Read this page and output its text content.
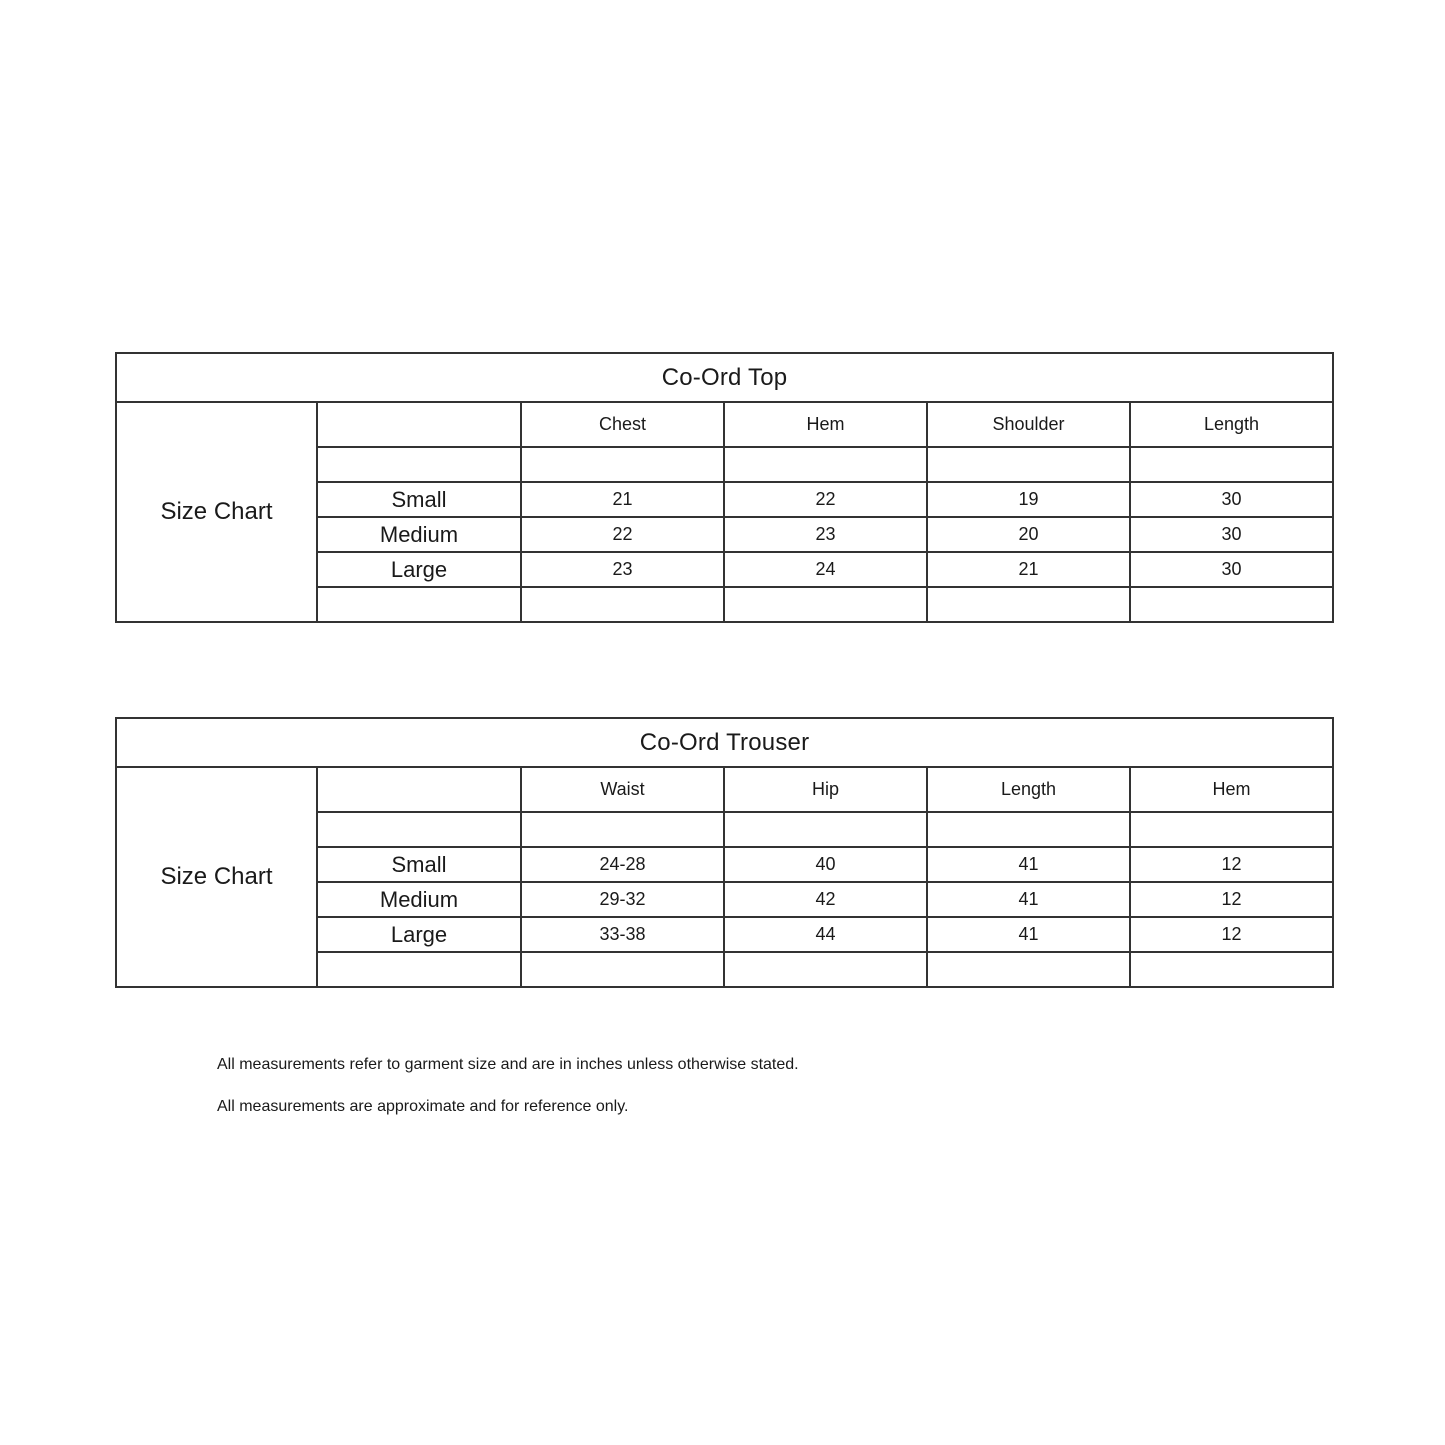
Co-Ord Top					
Size Chart		Chest	Hem	Shoulder	Length

	Small	21	22	19	30
	Medium	22	23	20	30
	Large	23	24	21	30

Co-Ord Trouser					
Size Chart		Waist	Hip	Length	Hem

	Small	24-28	40	41	12
	Medium	29-32	42	41	12
	Large	33-38	44	41	12

All measurements refer to garment size and are in inches unless otherwise stated.
All measurements are approximate and for reference only.
